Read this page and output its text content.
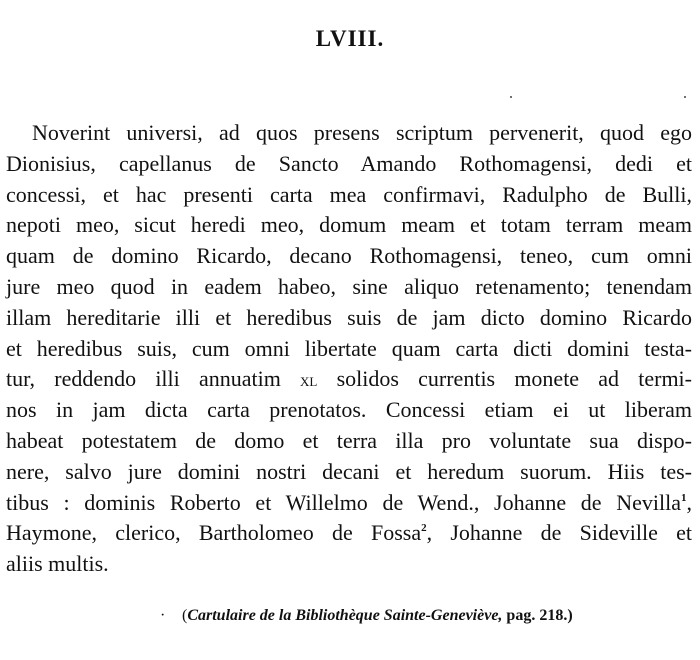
LVIII.
Noverint universi, ad quos presens scriptum pervenerit, quod ego
Dionisius, capellanus de Sancto Amando Rothomagensi, dedi et
concessi, et hac presenti carta mea confirmavi, Radulpho de Bulli,
nepoti meo, sicut heredi meo, domum meam et totam terram meam
quam de domino Ricardo, decano Rothomagensi, teneo, cum omni
jure meo quod in eadem habeo, sine aliquo retenamento; tenendam
illam hereditarie illi et heredibus suis de jam dicto domino Ricardo
et heredibus suis, cum omni libertate quam carta dicti domini testa-
tur, reddendo illi annuatim xl solidos currentis monete ad termi-
nos in jam dicta carta prenotatos. Concessi etiam ei ut liberam
habeat potestatem de domo et terra illa pro voluntate sua dispo-
nere, salvo jure domini nostri decani et heredum suorum. Hiis tes-
tibus : dominis Roberto et Willelmo de Wend., Johanne de Nevilla$^1$,
Haymone, clerico, Bartholomeo de Fossa$^2$, Johanne de Sideville et
aliis multis.
· (Cartulaire de la Bibliothèque Sainte-Geneviève, pag. 218.)
